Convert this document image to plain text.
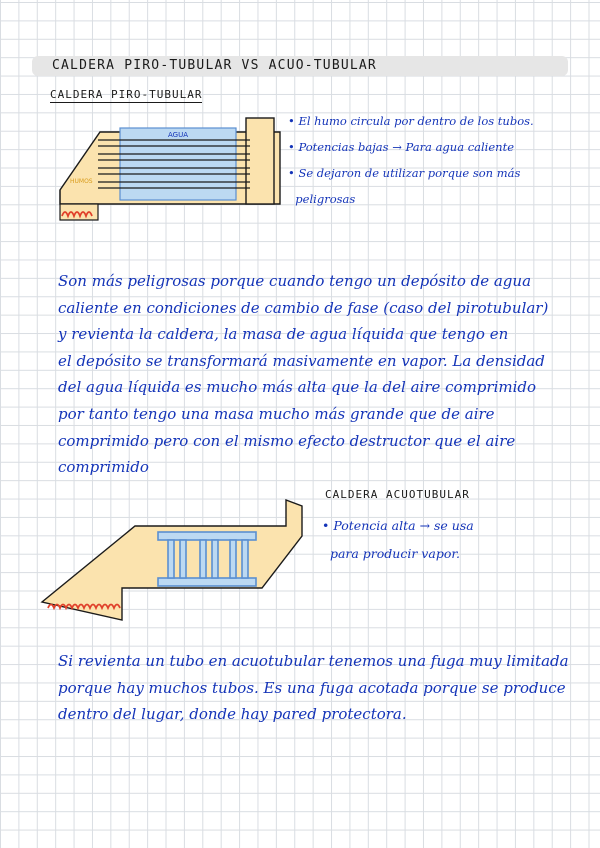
CALDERA PIRO-TUBULAR VS ACUO-TUBULAR
CALDERA PIRO-TUBULAR
AGUA
HUMOS
• El humo circula por dentro de los tubos.
• Potencias bajas → Para agua caliente
• Se dejaron de utilizar porque son más
peligrosas
Son más peligrosas porque cuando tengo un depósito de agua
caliente en condiciones de cambio de fase (caso del pirotubular)
y revienta la caldera, la masa de agua líquida que tengo en
el depósito se transformará masivamente en vapor. La densidad
del agua líquida es mucho más alta que la del aire comprimido
por tanto tengo una masa mucho más grande que de aire
comprimido pero con el mismo efecto destructor que el aire
comprimido
CALDERA ACUOTUBULAR
• Potencia alta → se usa
para producir vapor.
Si revienta un tubo en acuotubular tenemos una fuga muy limitada
porque hay muchos tubos. Es una fuga acotada porque se produce
dentro del lugar, donde hay pared protectora.
